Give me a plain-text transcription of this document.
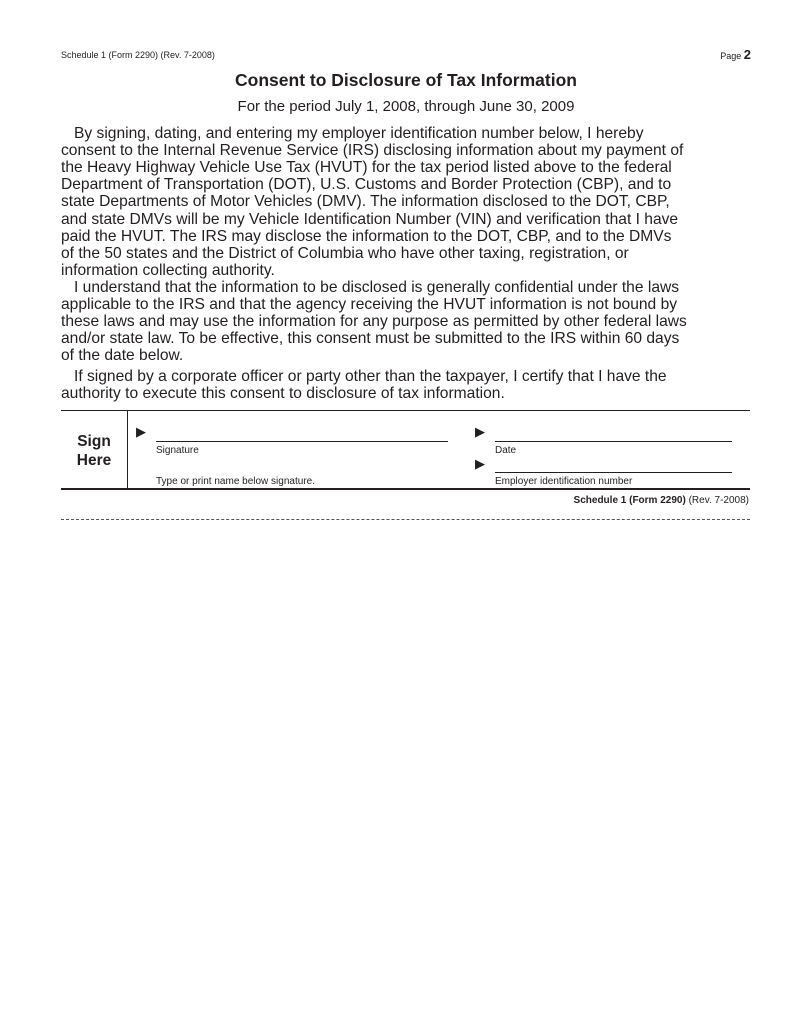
Schedule 1 (Form 2290) (Rev. 7-2008)	Page 2
Consent to Disclosure of Tax Information
For the period July 1, 2008, through June 30, 2009
By signing, dating, and entering my employer identification number below, I hereby
consent to the Internal Revenue Service (IRS) disclosing information about my payment of
the Heavy Highway Vehicle Use Tax (HVUT) for the tax period listed above to the federal
Department of Transportation (DOT), U.S. Customs and Border Protection (CBP), and to
state Departments of Motor Vehicles (DMV). The information disclosed to the DOT, CBP,
and state DMVs will be my Vehicle Identification Number (VIN) and verification that I have
paid the HVUT. The IRS may disclose the information to the DOT, CBP, and to the DMVs
of the 50 states and the District of Columbia who have other taxing, registration, or
information collecting authority.
I understand that the information to be disclosed is generally confidential under the laws
applicable to the IRS and that the agency receiving the HVUT information is not bound by
these laws and may use the information for any purpose as permitted by other federal laws
and/or state law. To be effective, this consent must be submitted to the IRS within 60 days
of the date below.
If signed by a corporate officer or party other than the taxpayer, I certify that I have the
authority to execute this consent to disclosure of tax information.
Sign
Here
▶
Signature
Type or print name below signature.
▶
Date
▶
Employer identification number
Schedule 1 (Form 2290) (Rev. 7-2008)
